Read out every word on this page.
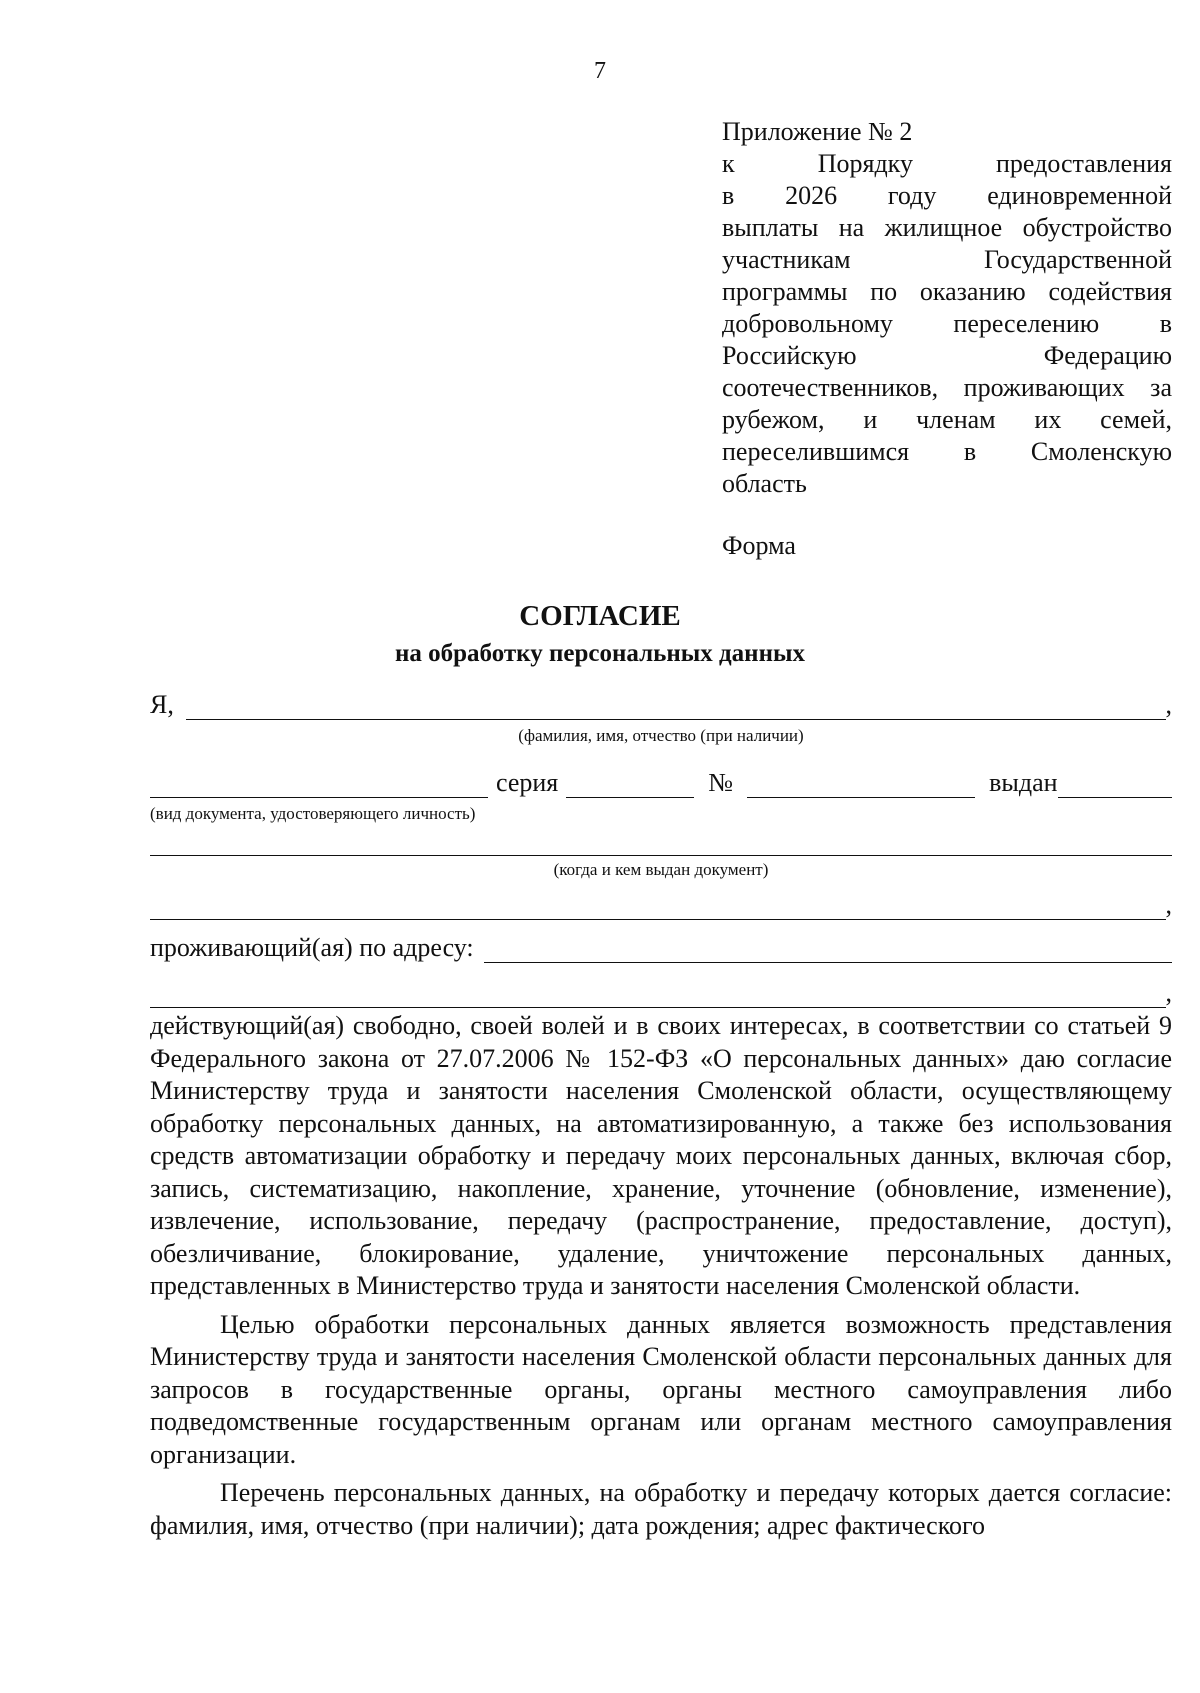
7
Приложение № 2
к Порядку предоставления
в 2026 году единовременной
выплаты на жилищное обустройство
участникам Государственной
программы по оказанию содействия
добровольному переселению в
Российскую Федерацию
соотечественников, проживающих за
рубежом, и членам их семей,
переселившимся в Смоленскую
область
Форма
СОГЛАСИЕ
на обработку персональных данных
Я,	,
(фамилия, имя, отчество (при наличии)
серия	№	выдан
(вид документа, удостоверяющего личность)
(когда и кем выдан документ)
,
проживающий(ая) по адресу:
,

действующий(ая) свободно, своей волей и в своих интересах, в соответствии со статьей 9 Федерального закона от 27.07.2006 № 152-ФЗ «О персональных данных» даю согласие Министерству труда и занятости населения Смоленской области, осуществляющему обработку персональных данных, на автоматизированную, а также без использования средств автоматизации обработку и передачу моих персональных данных, включая сбор, запись, систематизацию, накопление, хранение, уточнение (обновление, изменение), извлечение, использование, передачу (распространение, предоставление, доступ), обезличивание, блокирование, удаление, уничтожение персональных данных, представленных в Министерство труда и занятости населения Смоленской области.

Целью обработки персональных данных является возможность представления Министерству труда и занятости населения Смоленской области персональных данных для запросов в государственные органы, органы местного самоуправления либо подведомственные государственным органам или органам местного самоуправления организации.

Перечень персональных данных, на обработку и передачу которых дается согласие: фамилия, имя, отчество (при наличии); дата рождения; адрес фактического
